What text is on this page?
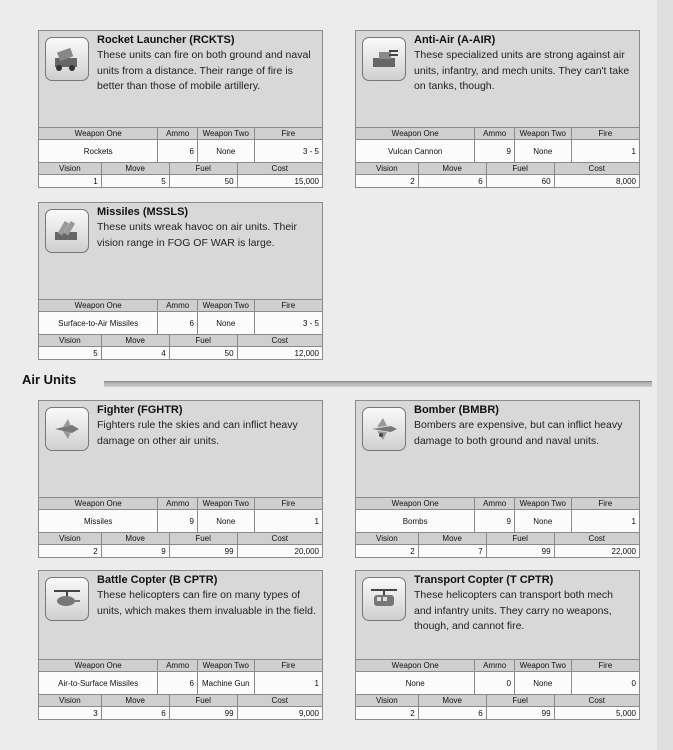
Rocket Launcher (RCKTS)
These units can fire on both ground and naval units from a distance. Their range of fire is better than those of mobile artillery.
Weapon One	Ammo	Weapon Two	Fire
Rockets	6	None	3 - 5
Vision	Move	Fuel	Cost
1	5	50	15,000
Anti-Air (A-AIR)
These specialized units are strong against air units, infantry, and mech units. They can't take on tanks, though.
Weapon One	Ammo	Weapon Two	Fire
Vulcan Cannon	9	None	1
Vision	Move	Fuel	Cost
2	6	60	8,000
Missiles (MSSLS)
These units wreak havoc on air units. Their vision range in FOG OF WAR is large.
Weapon One	Ammo	Weapon Two	Fire
Surface-to-Air Missiles	6	None	3 - 5
Vision	Move	Fuel	Cost
5	4	50	12,000
Air Units
Fighter (FGHTR)
Fighters rule the skies and can inflict heavy damage on other air units.
Weapon One	Ammo	Weapon Two	Fire
Missiles	9	None	1
Vision	Move	Fuel	Cost
2	9	99	20,000
Bomber (BMBR)
Bombers are expensive, but can inflict heavy damage to both ground and naval units.
Weapon One	Ammo	Weapon Two	Fire
Bombs	9	None	1
Vision	Move	Fuel	Cost
2	7	99	22,000
Battle Copter (B CPTR)
These helicopters can fire on many types of units, which makes them invaluable in the field.
Weapon One	Ammo	Weapon Two	Fire
Air-to-Surface Missiles	6	Machine Gun	1
Vision	Move	Fuel	Cost
3	6	99	9,000
Transport Copter (T CPTR)
These helicopters can transport both mech and infantry units. They carry no weapons, though, and cannot fire.
Weapon One	Ammo	Weapon Two	Fire
None	0	None	0
Vision	Move	Fuel	Cost
2	6	99	5,000
